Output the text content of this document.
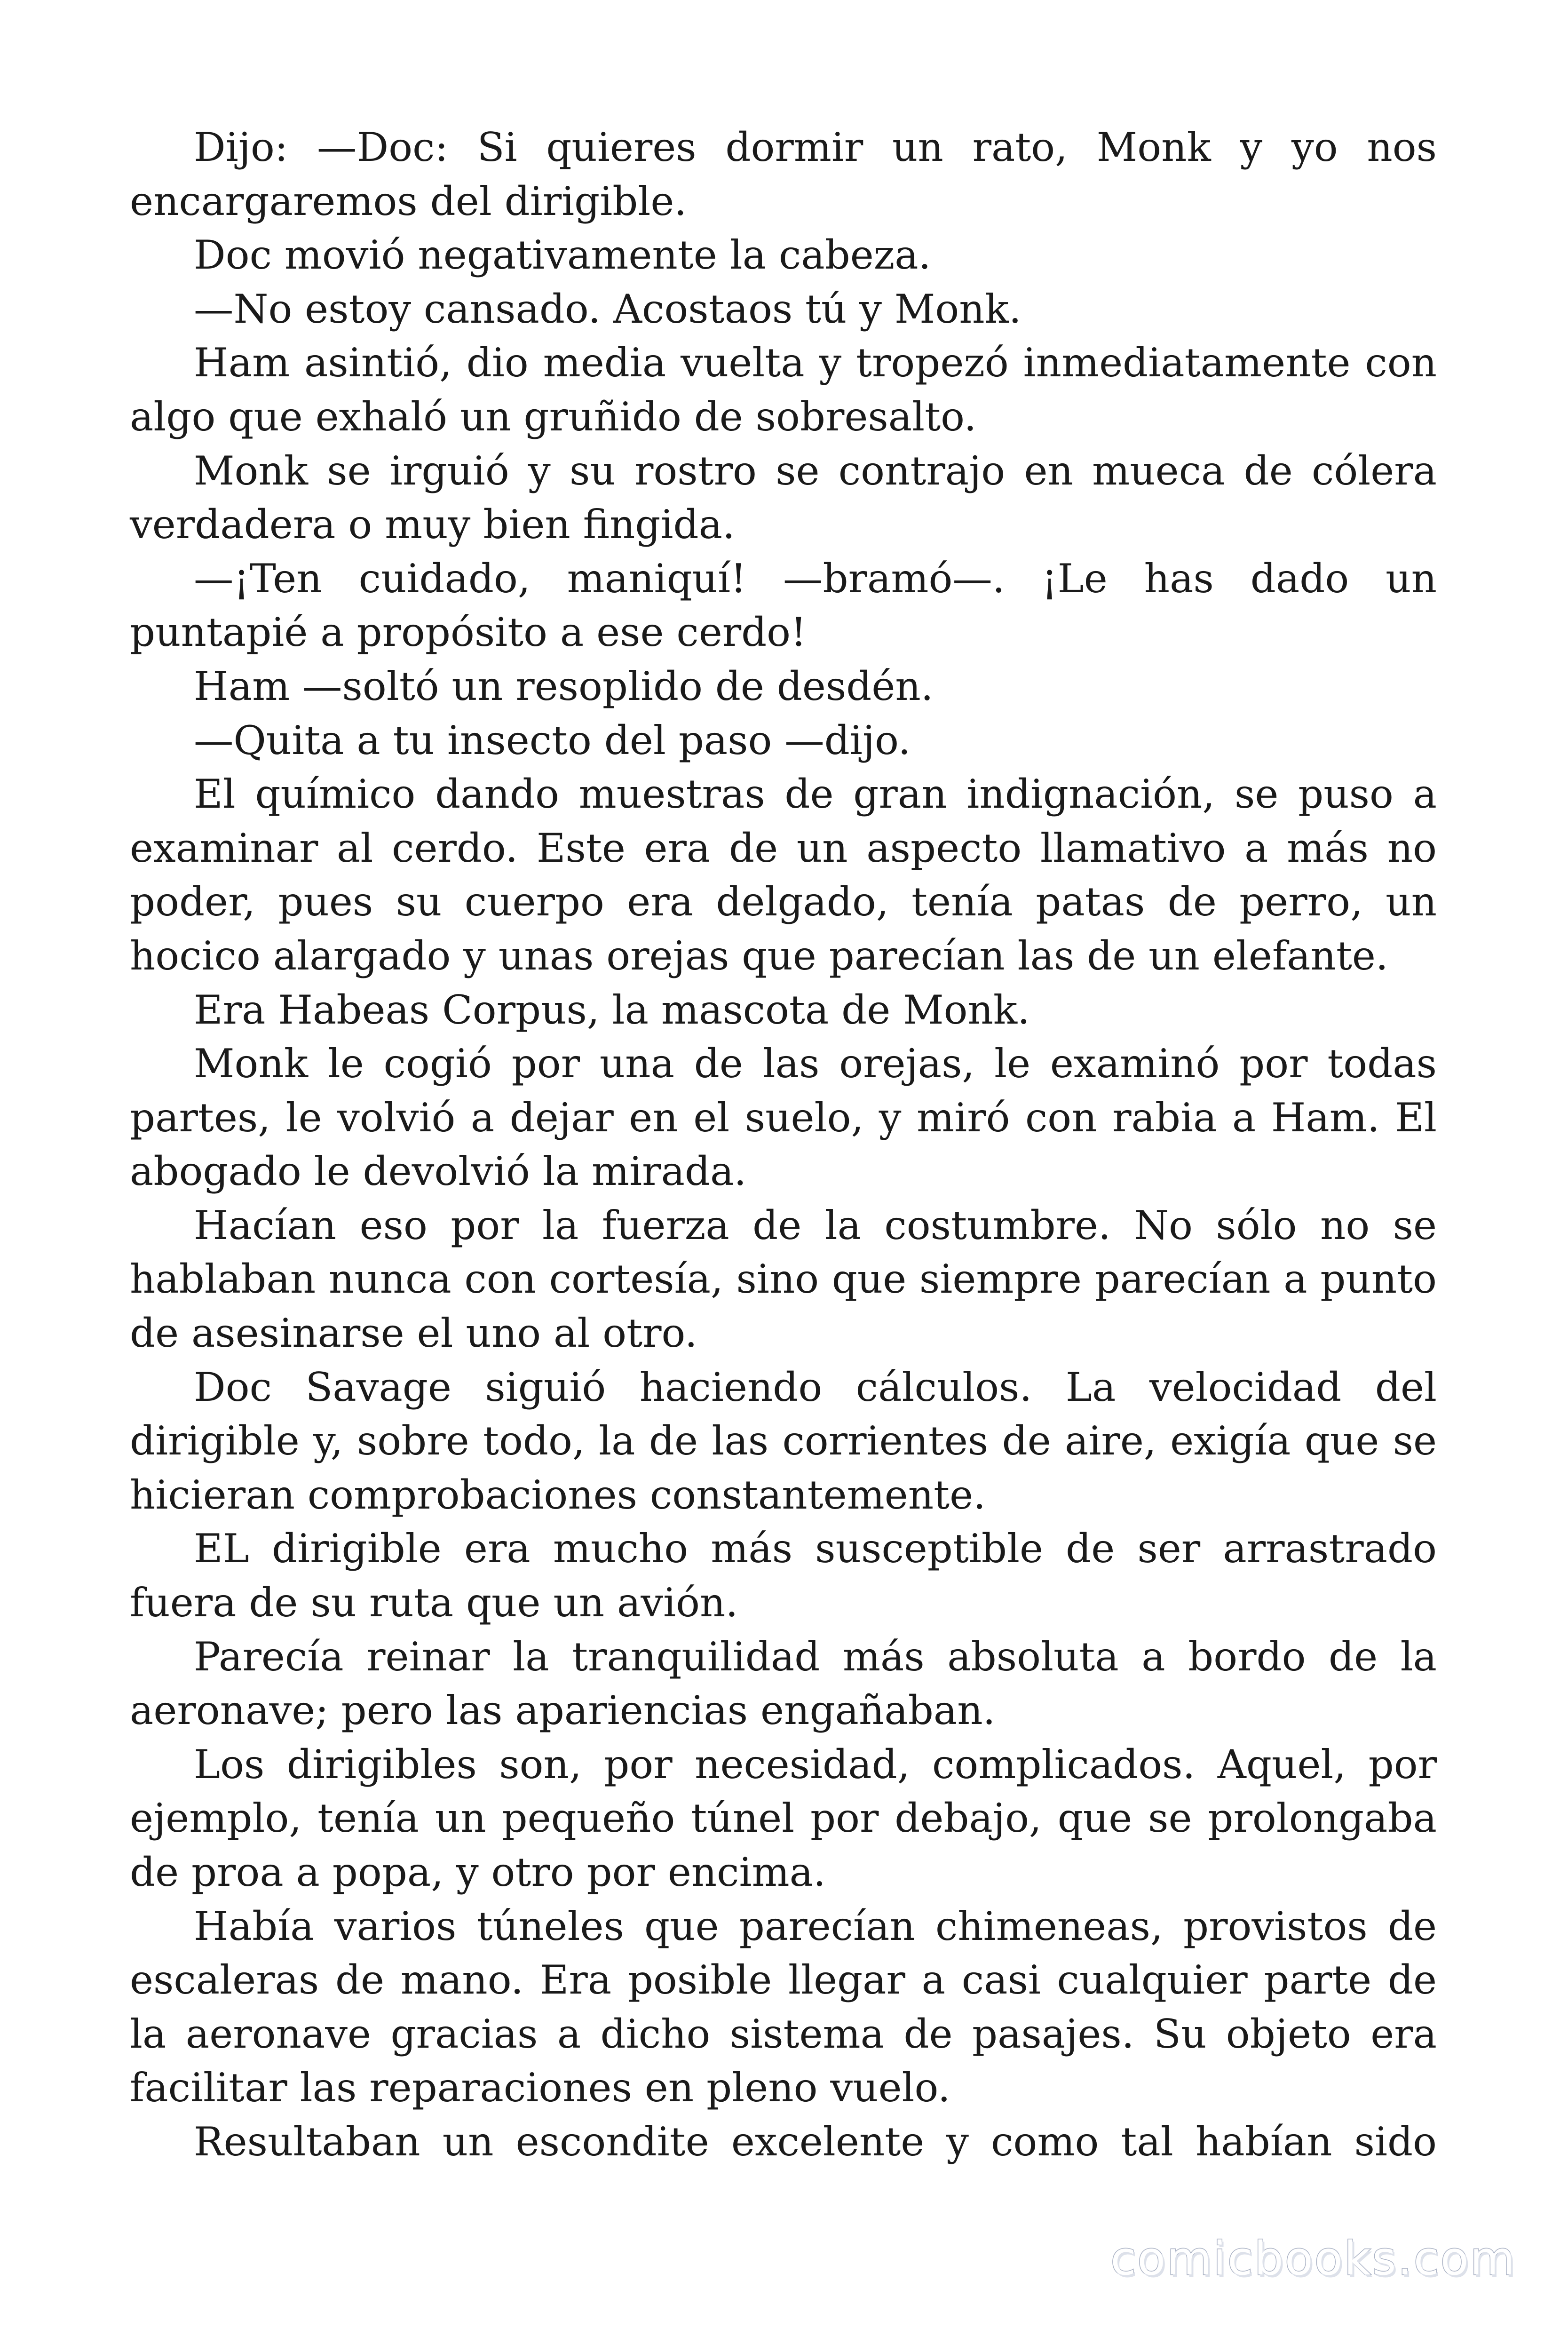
Dijo: —Doc: Si quieres dormir un rato, Monk y yo nos encargaremos del dirigible.

Doc movió negativamente la cabeza.

—No estoy cansado. Acostaos tú y Monk.

Ham asintió, dio media vuelta y tropezó inmediatamente con algo que exhaló un gruñido de sobresalto.

Monk se irguió y su rostro se contrajo en mueca de cólera verdadera o muy bien fingida.

—¡Ten cuidado, maniquí! —bramó—. ¡Le has dado un puntapié a propósito a ese cerdo!

Ham —soltó un resoplido de desdén.

—Quita a tu insecto del paso —dijo.

El químico dando muestras de gran indignación, se puso a examinar al cerdo. Este era de un aspecto llamativo a más no poder, pues su cuerpo era delgado, tenía patas de perro, un hocico alargado y unas orejas que parecían las de un elefante.

Era Habeas Corpus, la mascota de Monk.

Monk le cogió por una de las orejas, le examinó por todas partes, le volvió a dejar en el suelo, y miró con rabia a Ham. El abogado le devolvió la mirada.

Hacían eso por la fuerza de la costumbre. No sólo no se hablaban nunca con cortesía, sino que siempre parecían a punto de asesinarse el uno al otro.

Doc Savage siguió haciendo cálculos. La velocidad del dirigible y, sobre todo, la de las corrientes de aire, exigía que se hicieran comprobaciones constantemente.

EL dirigible era mucho más susceptible de ser arrastrado fuera de su ruta que un avión.

Parecía reinar la tranquilidad más absoluta a bordo de la aeronave; pero las apariencias engañaban.

Los dirigibles son, por necesidad, complicados. Aquel, por ejemplo, tenía un pequeño túnel por debajo, que se prolongaba de proa a popa, y otro por encima.

Había varios túneles que parecían chimeneas, provistos de escaleras de mano. Era posible llegar a casi cualquier parte de la aeronave gracias a dicho sistema de pasajes. Su objeto era facilitar las reparaciones en pleno vuelo.

Resultaban un escondite excelente y como tal habían sido

comicbooks.com
